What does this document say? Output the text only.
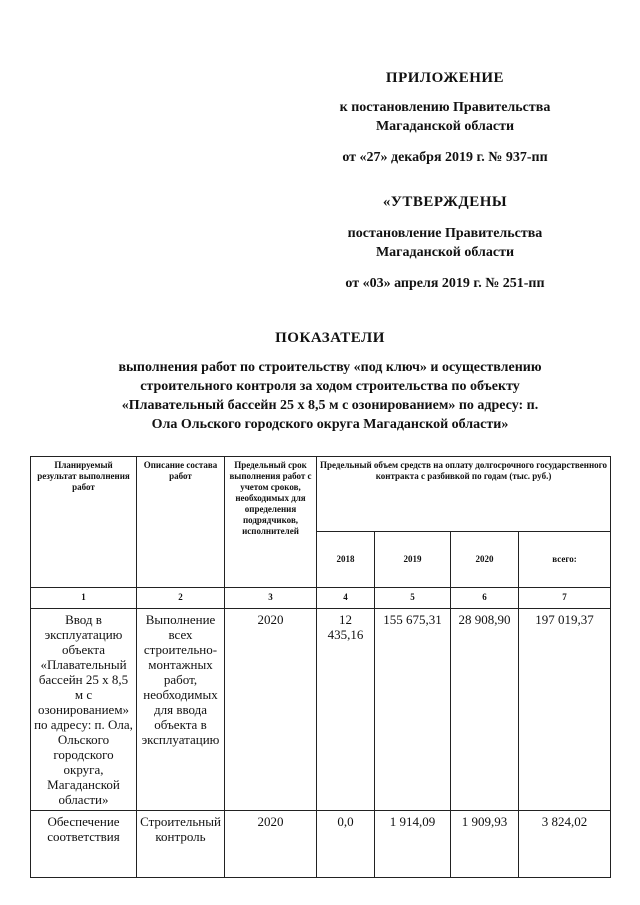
ПРИЛОЖЕНИЕ
к постановлению Правительства
Магаданской области
от «27» декабря 2019 г. № 937-пп
«УТВЕРЖДЕНЫ
постановление Правительства
Магаданской области
от «03» апреля 2019 г. № 251-пп
ПОКАЗАТЕЛИ
выполнения работ по строительству «под ключ» и осуществлению
строительного контроля за ходом строительства по объекту
«Плавательный бассейн 25 х 8,5 м с озонированием» по адресу: п.
Ола Ольского городского округа Магаданской области»
Планируемый результат выполнения работ	Описание состава работ	Предельный срок выполнения работ с учетом сроков, необходимых для определения подрядчиков, исполнителей	Предельный объем средств на оплату долгосрочного государственного контракта с разбивкой по годам (тыс. руб.)			
			2018	2019	2020	всего:
1	2	3	4	5	6	7
Ввод в эксплуатацию объекта «Плавательный бассейн 25 х 8,5 м с озонированием» по адресу: п. Ола, Ольского городского округа, Магаданской области»	Выполнение всех строительно-монтажных работ, необходимых для ввода объекта в эксплуатацию	2020	12 435,16	155 675,31	28 908,90	197 019,37
Обеспечение соответствия	Строительный контроль	2020	0,0	1 914,09	1 909,93	3 824,02
